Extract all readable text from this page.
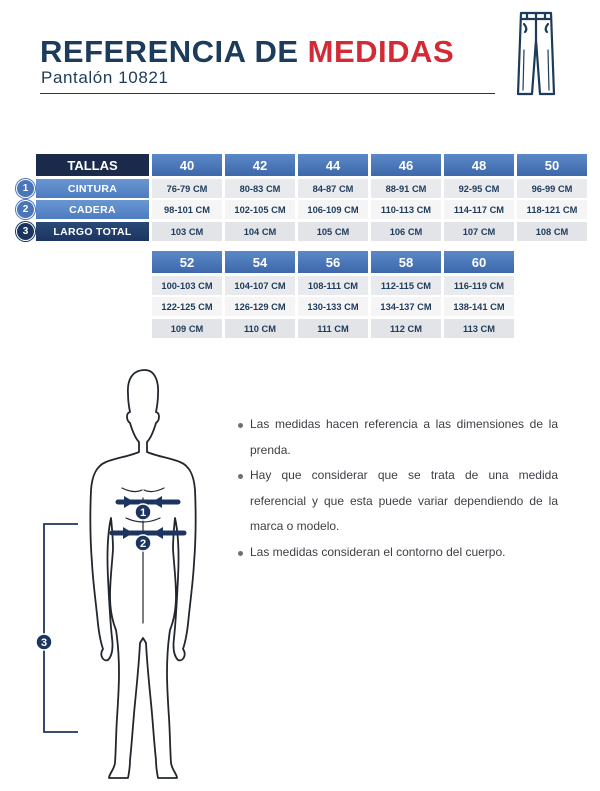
REFERENCIA DE MEDIDAS
Pantalón 10821
TALLAS
CINTURA
1
CADERA
2
LARGO TOTAL
3
40
76-79 CM
98-101 CM
103 CM
42
80-83 CM
102-105 CM
104 CM
44
84-87 CM
106-109 CM
105 CM
46
88-91 CM
110-113 CM
106 CM
48
92-95 CM
114-117 CM
107 CM
50
96-99 CM
118-121 CM
108 CM
52
100-103 CM
122-125 CM
109 CM
54
104-107 CM
126-129 CM
110 CM
56
108-111 CM
130-133 CM
111 CM
58
112-115 CM
134-137 CM
112 CM
60
116-119 CM
138-141 CM
113 CM
1
2
3
Las medidas hacen referencia a las dimensiones de la prenda.
Hay que considerar que se trata de una medida referencial y que esta puede variar dependiendo de la marca o modelo.
Las medidas consideran el contorno del cuerpo.
